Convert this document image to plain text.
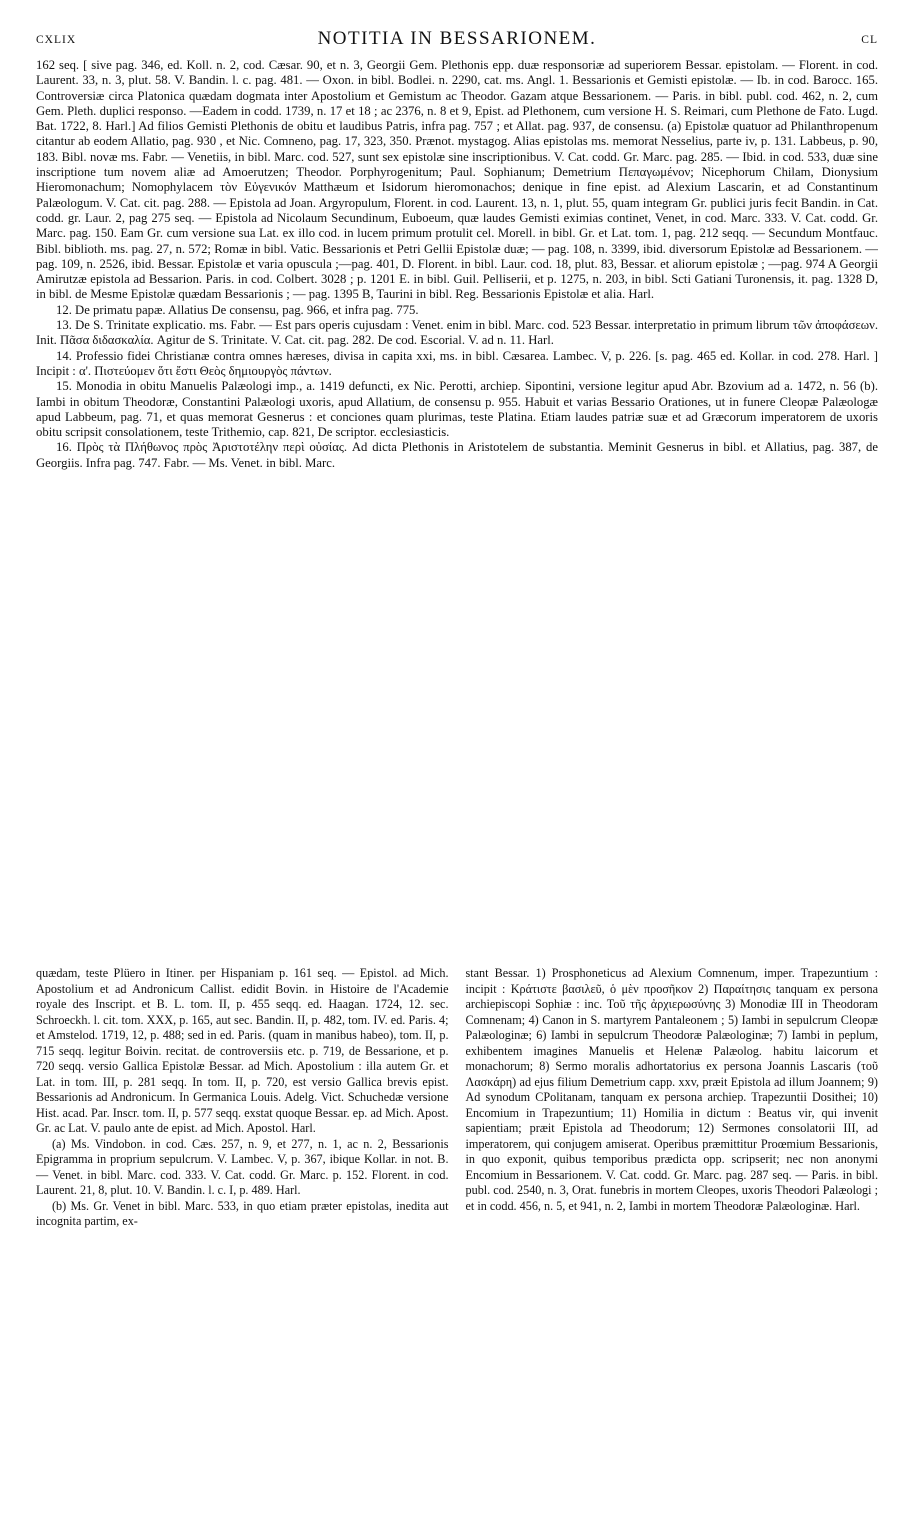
CXLIX	NOTITIA IN BESSARIONEM.	CL

162 seq. [ sive pag. 346, ed. Koll. n. 2, cod. Cæsar. 90, et n. 3, Georgii Gem. Plethonis epp. duæ responsoriæ ad superiorem Bessar. epistolam. — Florent. in cod. Laurent. 33, n. 3, plut. 58. V. Bandin. l. c. pag. 481. — Oxon. in bibl. Bodlei. n. 2290, cat. ms. Angl. 1. Bessarionis et Gemisti epistolæ. — Ib. in cod. Barocc. 165. Controversiæ circa Platonica quædam dogmata inter Apostolium et Gemistum ac Theodor. Gazam atque Bessarionem. — Paris. in bibl. publ. cod. 462, n. 2, cum Gem. Pleth. duplici responso. —Eadem in codd. 1739, n. 17 et 18 ; ac 2376, n. 8 et 9, Epist. ad Plethonem, cum versione H. S. Reimari, cum Plethone de Fato. Lugd. Bat. 1722, 8. Harl.] Ad filios Gemisti Plethonis de obitu et laudibus Patris, infra pag. 757 ; et Allat. pag. 937, de consensu. (a) Epistolæ quatuor ad Philanthropenum citantur ab eodem Allatio, pag. 930 , et Nic. Comneno, pag. 17, 323, 350. Prænot. mystagog. Alias epistolas ms. memorat Nesselius, parte iv, p. 131. Labbeus, p. 90, 183. Bibl. novæ ms. Fabr. — Venetiis, in bibl. Marc. cod. 527, sunt sex epistolæ sine inscriptionibus. V. Cat. codd. Gr. Marc. pag. 285. — Ibid. in cod. 533, duæ sine inscriptione tum novem aliæ ad Amoerutzen; Theodor. Porphyrogenitum; Paul. Sophianum; Demetrium Πεπαγωμένον; Nicephorum Chilam, Dionysium Hieromonachum; Nomophylacem τὸν Εὐγενικόν Matthæum et Isidorum hieromonachos; denique in fine epist. ad Alexium Lascarin, et ad Constantinum Palæologum. V. Cat. cit. pag. 288. — Epistola ad Joan. Argyropulum, Florent. in cod. Laurent. 13, n. 1, plut. 55, quam integram Gr. publici juris fecit Bandin. in Cat. codd. gr. Laur. 2, pag 275 seq. — Epistola ad Nicolaum Secundinum, Euboeum, quæ laudes Gemisti eximias continet, Venet, in cod. Marc. 333. V. Cat. codd. Gr. Marc. pag. 150. Eam Gr. cum versione sua Lat. ex illo cod. in lucem primum protulit cel. Morell. in bibl. Gr. et Lat. tom. 1, pag. 212 seqq. — Secundum Montfauc. Bibl. biblioth. ms. pag. 27, n. 572; Romæ in bibl. Vatic. Bessarionis et Petri Gellii Epistolæ duæ; — pag. 108, n. 3399, ibid. diversorum Epistolæ ad Bessarionem. — pag. 109, n. 2526, ibid. Bessar. Epistolæ et varia opuscula ;—pag. 401, D. Florent. in bibl. Laur. cod. 18, plut. 83, Bessar. et aliorum epistolæ ; —pag. 974 A Georgii Amirutzæ epistola ad Bessarion. Paris. in cod. Colbert. 3028 ; p. 1201 E. in bibl. Guil. Pelliserii, et p. 1275, n. 203, in bibl. Scti Gatiani Turonensis, it. pag. 1328 D, in bibl. de Mesme Epistolæ quædam Bessarionis ; — pag. 1395 B, Taurini in bibl. Reg. Bessarionis Epistolæ et alia. Harl.

12. De primatu papæ. Allatius De consensu, pag. 966, et infra pag. 775.

13. De S. Trinitate explicatio. ms. Fabr. — Est pars operis cujusdam : Venet. enim in bibl. Marc. cod. 523 Bessar. interpretatio in primum librum τῶν ἀποφάσεων. Init. Πᾶσα διδασκαλία. Agitur de S. Trinitate. V. Cat. cit. pag. 282. De cod. Escorial. V. ad n. 11. Harl.

14. Professio fidei Christianæ contra omnes hæreses, divisa in capita xxi, ms. in bibl. Cæsarea. Lambec. V, p. 226. [s. pag. 465 ed. Kollar. in cod. 278. Harl. ] Incipit : α'. Πιστεύομεν ὅτι ἔστι Θεὸς δημιουργὸς πάντων.

15. Monodia in obitu Manuelis Palæologi imp., a. 1419 defuncti, ex Nic. Perotti, archiep. Sipontini, versione legitur apud Abr. Bzovium ad a. 1472, n. 56 (b). Iambi in obitum Theodoræ, Constantini Palæologi uxoris, apud Allatium, de consensu p. 955. Habuit et varias Bessario Orationes, ut in funere Cleopæ Palæologæ apud Labbeum, pag. 71, et quas memorat Gesnerus : et conciones quam plurimas, teste Platina. Etiam laudes patriæ suæ et ad Græcorum imperatorem de uxoris obitu scripsit consolationem, teste Trithemio, cap. 821, De scriptor. ecclesiasticis.

16. Πρὸς τὰ Πλήθωνος πρὸς Ἀριστοτέλην περὶ οὐσίας. Ad dicta Plethonis in Aristotelem de substantia. Meminit Gesnerus in bibl. et Allatius, pag. 387, de Georgiis. Infra pag. 747. Fabr. — Ms. Venet. in bibl. Marc.

quædam, teste Plüero in Itiner. per Hispaniam p. 161 seq. — Epistol. ad Mich. Apostolium et ad Andronicum Callist. edidit Bovin. in Histoire de l'Academie royale des Inscript. et B. L. tom. II, p. 455 seqq. ed. Haagan. 1724, 12. sec. Schroeckh. l. cit. tom. XXX, p. 165, aut sec. Bandin. II, p. 482, tom. IV. ed. Paris. 4; et Amstelod. 1719, 12, p. 488; sed in ed. Paris. (quam in manibus habeo), tom. II, p. 715 seqq. legitur Boivin. recitat. de controversiis etc. p. 719, de Bessarione, et p. 720 seqq. versio Gallica Epistolæ Bessar. ad Mich. Apostolium : illa autem Gr. et Lat. in tom. III, p. 281 seqq. In tom. II, p. 720, est versio Gallica brevis epist. Bessarionis ad Andronicum. In Germanica Louis. Adelg. Vict. Schuchedæ versione Hist. acad. Par. Inscr. tom. II, p. 577 seqq. exstat quoque Bessar. ep. ad Mich. Apost. Gr. ac Lat. V. paulo ante de epist. ad Mich. Apostol. Harl.

(a) Ms. Vindobon. in cod. Cæs. 257, n. 9, et 277, n. 1, ac n. 2, Bessarionis Epigramma in proprium sepulcrum. V. Lambec. V, p. 367, ibique Kollar. in not. B. — Venet. in bibl. Marc. cod. 333. V. Cat. codd. Gr. Marc. p. 152. Florent. in cod. Laurent. 21, 8, plut. 10. V. Bandin. l. c. I, p. 489. Harl.

(b) Ms. Gr. Venet in bibl. Marc. 533, in quo etiam præter epistolas, inedita aut incognita partim, ex-

stant Bessar. 1) Prosphoneticus ad Alexium Comnenum, imper. Trapezuntium : incipit : Κράτιστε βασιλεῦ, ὁ μὲν προσῆκον 2) Παραίτησις tanquam ex persona archiepiscopi Sophiæ : inc. Τοῦ τῆς ἀρχιερωσύνης 3) Monodiæ III in Theodoram Comnenam; 4) Canon in S. martyrem Pantaleonem ; 5) Iambi in sepulcrum Cleopæ Palæologinæ; 6) Iambi in sepulcrum Theodoræ Palæologinæ; 7) Iambi in peplum, exhibentem imagines Manuelis et Helenæ Palæolog. habitu laicorum et monachorum; 8) Sermo moralis adhortatorius ex persona Joannis Lascaris (τοῦ Λασκάρη) ad ejus filium Demetrium capp. xxv, præit Epistola ad illum Joannem; 9) Ad synodum CPolitanam, tanquam ex persona archiep. Trapezuntii Dosithei; 10) Encomium in Trapezuntium; 11) Homilia in dictum : Beatus vir, qui invenit sapientiam; præit Epistola ad Theodorum; 12) Sermones consolatorii III, ad imperatorem, qui conjugem amiserat. Operibus præmittitur Proœmium Bessarionis, in quo exponit, quibus temporibus prædicta opp. scripserit; nec non anonymi Encomium in Bessarionem. V. Cat. codd. Gr. Marc. pag. 287 seq. — Paris. in bibl. publ. cod. 2540, n. 3, Orat. funebris in mortem Cleopes, uxoris Theodori Palæologi ; et in codd. 456, n. 5, et 941, n. 2, Iambi in mortem Theodoræ Palæologinæ. Harl.
